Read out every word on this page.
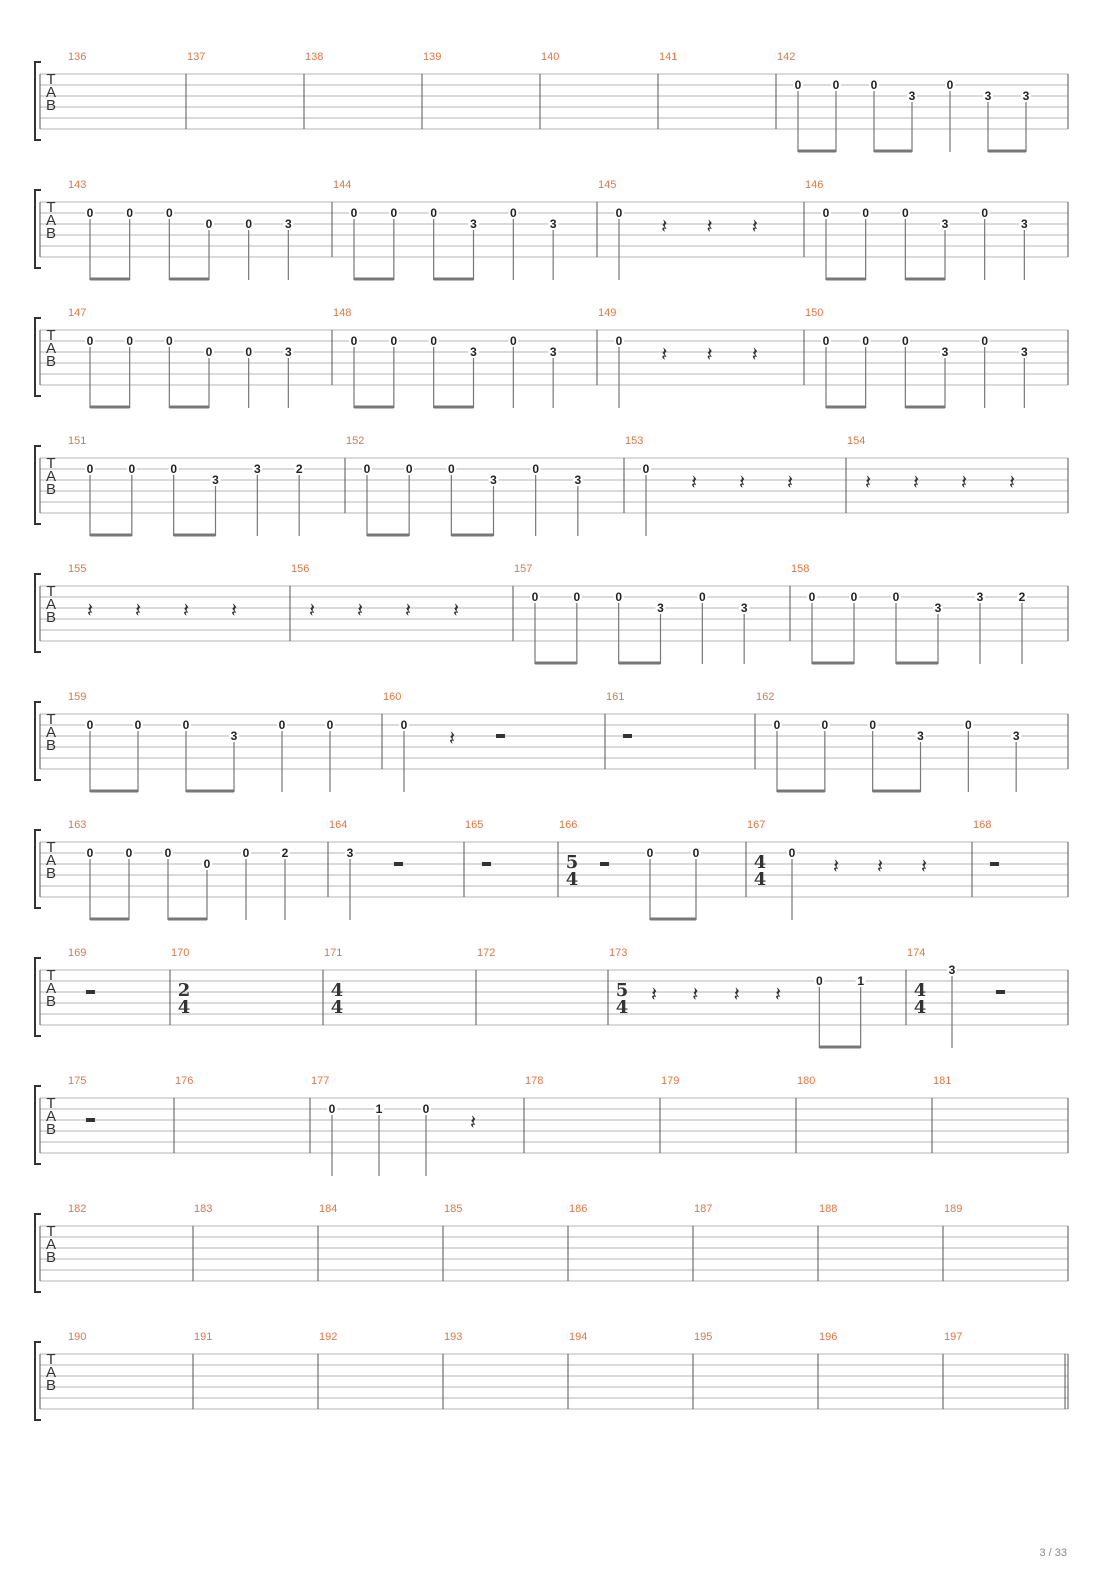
T
A
B
136	137	138	139	140	141	142
0	0	0
3
0
3	3
T
A
B
143
0	0	0
0	0	3
144
0	0	0
3
0
3
145
0
𝄽 𝄽 𝄽
146
0	0	0
3
0
3
T
A
B
147
0	0	0
0	0	3
148
0	0	0
3
0
3
149
0
𝄽 𝄽 𝄽
150
0	0	0
3
0
3
T
A
B
151
0	0	0
3
3	2
152
0	0	0
3
0
3
153
0
𝄽 𝄽 𝄽
154
𝄽 𝄽 𝄽 𝄽
T
A
B
155
𝄽 𝄽 𝄽 𝄽
156
𝄽 𝄽 𝄽 𝄽
157
0	0	0
3
0
3
158
0	0	0
3
3	2
T
A
B
159
0	0	0
3
0	0
160
0
𝄽
161	162
0	0	0
3
0
3
T
A
B
163
0	0	0
0
0	2
164
3
165	166
5
4
0	0
167
4
4
0
𝄽 𝄽 𝄽
168
T
A
B
169	170
2
4
171
4
4
172	173
5
4
𝄽 𝄽 𝄽 𝄽
0	1
174
4
4
3
T
A
B
175	176	177
0	1	0
𝄽
178	179	180	181
T
A
B
182	183	184	185	186	187	188	189
T
A
B
190	191	192	193	194	195	196	197
3 / 33
